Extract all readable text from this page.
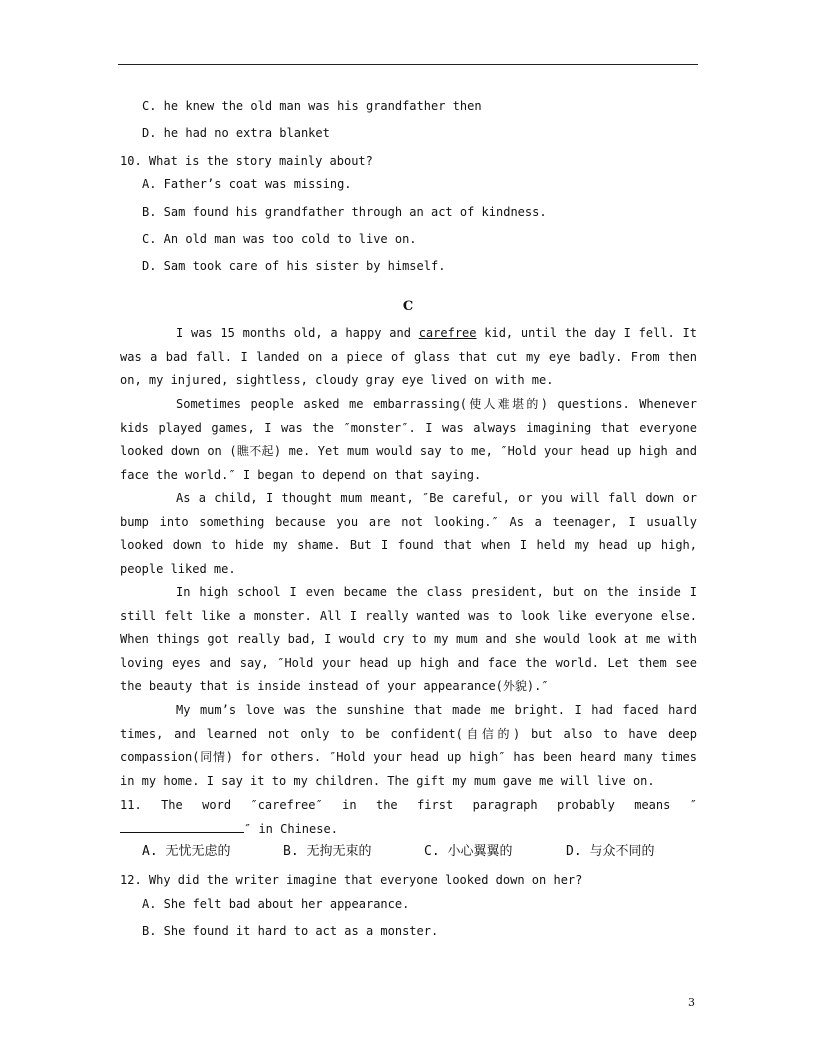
C. he knew the old man was his grandfather then
D. he had no extra blanket
10. What is the story mainly about?
A. Father’s coat was missing.
B. Sam found his grandfather through an act of kindness.
C. An old man was too cold to live on.
D. Sam took care of his sister by himself.
C
I was 15 months old, a happy and carefree kid, until the day I fell. It was a bad fall. I landed on a piece of glass that cut my eye badly. From then on, my injured, sightless, cloudy gray eye lived on with me.
Sometimes people asked me embarrassing(使人难堪的) questions. Whenever kids played games, I was the ″monster″. I was always imagining that everyone looked down on (瞧不起) me. Yet mum would say to me, ″Hold your head up high and face the world.″ I began to depend on that saying.
As a child, I thought mum meant, ″Be careful, or you will fall down or bump into something because you are not looking.″ As a teenager, I usually looked down to hide my shame. But I found that when I held my head up high, people liked me.
In high school I even became the class president, but on the inside I still felt like a monster. All I really wanted was to look like everyone else. When things got really bad, I would cry to my mum and she would look at me with loving eyes and say, ″Hold your head up high and face the world. Let them see the beauty that is inside instead of your appearance(外貌).″
My mum’s love was the sunshine that made me bright. I had faced hard times, and learned not only to be confident(自信的) but also to have deep compassion(同情) for others. ″Hold your head up high″ has been heard many times in my home. I say it to my children. The gift my mum gave me will live on.
11. The word ″carefree″ in the first paragraph probably means ″″ in Chinese.
A. 无忧无虑的	B. 无拘无束的	C. 小心翼翼的	D. 与众不同的
12. Why did the writer imagine that everyone looked down on her?
A. She felt bad about her appearance.
B. She found it hard to act as a monster.
3
